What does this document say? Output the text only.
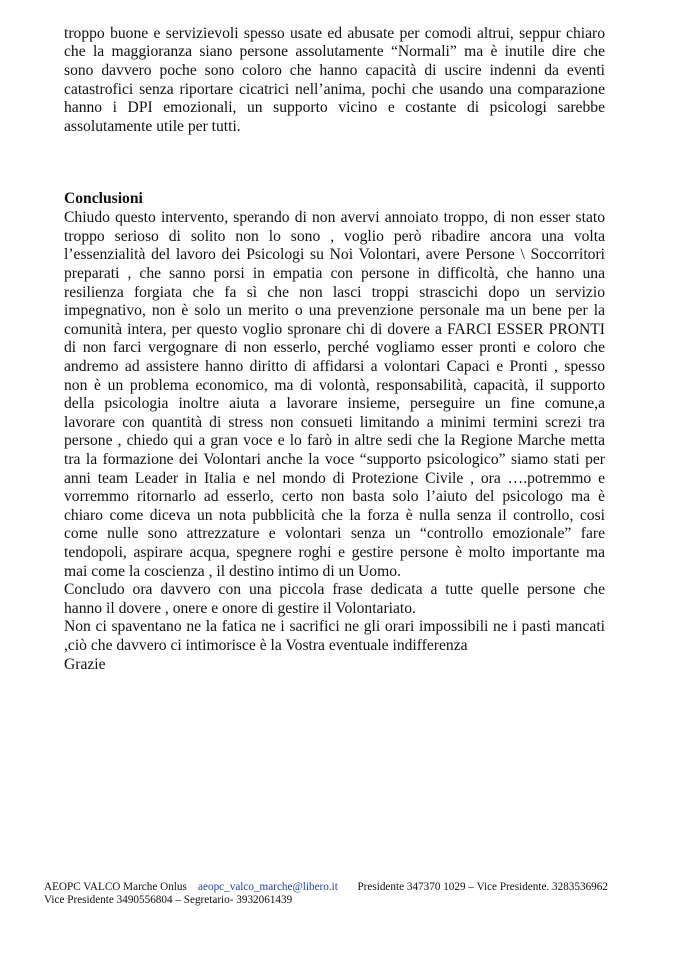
troppo buone e servizievoli spesso usate ed abusate per comodi altrui, seppur chiaro
che la maggioranza siano persone assolutamente “Normali” ma è inutile dire che
sono davvero poche sono coloro che hanno capacità di uscire indenni da eventi
catastrofici senza riportare cicatrici nell’anima, pochi che usando una comparazione
hanno i DPI emozionali, un supporto vicino e costante di psicologi sarebbe
assolutamente utile per tutti.
Conclusioni
Chiudo questo intervento, sperando di non avervi annoiato troppo, di non esser stato
troppo serioso di solito non lo sono , voglio però ribadire ancora una volta
l’essenzialità del lavoro dei Psicologi su Noi Volontari, avere Persone \ Soccorritori
preparati , che sanno porsi in empatia con persone in difficoltà, che hanno una
resilienza forgiata che fa sì che non lasci troppi strascichi dopo un servizio
impegnativo, non è solo un merito o una prevenzione personale ma un bene per la
comunità intera, per questo voglio spronare chi di dovere a FARCI ESSER PRONTI
di non farci vergognare di non esserlo, perché vogliamo esser pronti e coloro che
andremo ad assistere hanno diritto di affidarsi a volontari Capaci e Pronti , spesso
non è un problema economico, ma di volontà, responsabilità, capacità, il supporto
della psicologia inoltre aiuta a lavorare insieme, perseguire un fine comune,a
lavorare con quantità di stress non consueti limitando a minimi termini screzi tra
persone , chiedo qui a gran voce e lo farò in altre sedi che la Regione Marche metta
tra la formazione dei Volontari anche la voce “supporto psicologico” siamo stati per
anni team Leader in Italia e nel mondo di Protezione Civile , ora ….potremmo e
vorremmo ritornarlo ad esserlo, certo non basta solo l’aiuto del psicologo ma è
chiaro come diceva un nota pubblicità che la forza è nulla senza il controllo, cosi
come nulle sono attrezzature e volontari senza un “controllo emozionale” fare
tendopoli, aspirare acqua, spegnere roghi e gestire persone è molto importante ma
mai come la coscienza , il destino intimo di un Uomo.
Concludo ora davvero con una piccola frase dedicata a tutte quelle persone che
hanno il dovere , onere e onore di gestire il Volontariato.
Non ci spaventano ne la fatica ne i sacrifici ne gli orari impossibili ne i pasti mancati
,ciò che davvero ci intimorisce è la Vostra eventuale indifferenza
Grazie
AEOPC VALCO Marche Onlus aeopc_valco_marche@libero.it Presidente 347370 1029 – Vice Presidente. 3283536962
Vice Presidente 3490556804 – Segretario- 3932061439
